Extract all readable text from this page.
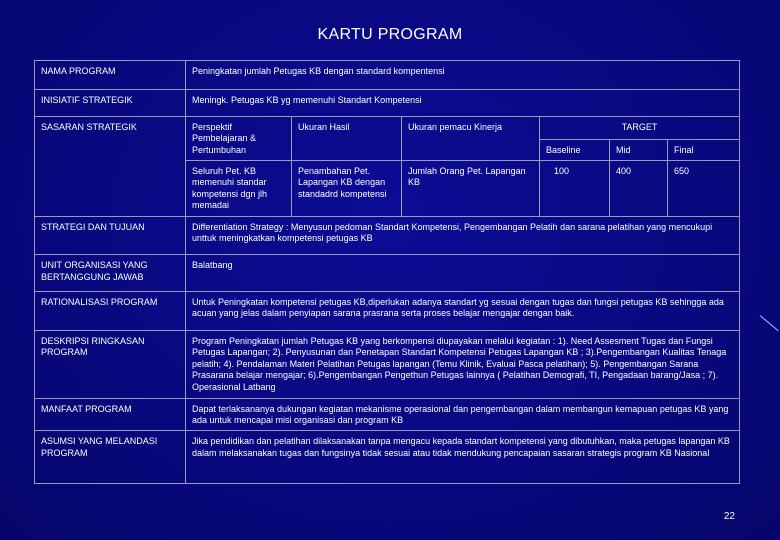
KARTU PROGRAM
NAMA PROGRAM	Peningkatan jumlah Petugas KB dengan standard kompentensi					
INISIATIF STRATEGIK	Meningk. Petugas KB yg memenuhi Standart Kompetensi					
SASARAN STRATEGIK	Perspektif Pembelajaran & Pertumbuhan	Ukuran Hasil	Ukuran pemacu Kinerja	TARGET		
				Baseline	Mid	Final
	Seluruh Pet. KB memenuhi standar kompetensi dgn jlh memadai	Penambahan Pet. Lapangan KB dengan standadrd kompetensi	Jumlah Orang Pet. Lapangan KB	100	400	650
STRATEGI DAN TUJUAN	Differentiation Strategy : Menyusun pedoman Standart Kompetensi, Pengembangan Pelatih dan sarana pelatihan yang mencukupi unttuk meningkatkan kompetensi petugas KB					
UNIT ORGANISASI YANG BERTANGGUNG JAWAB	Balatbang					
RATIONALISASI PROGRAM	Untuk Peningkatan kompetensi petugas KB,diperlukan adanya standart yg sesuai dengan tugas dan fungsi petugas KB sehingga ada acuan yang jelas dalam penyiapan sarana prasrana serta proses belajar mengajar dengan baik.					
DESKRIPSI RINGKASAN PROGRAM	Program Peningkatan jumlah Petugas KB yang berkompensi diupayakan melalui kegiatan : 1). Need Assesment Tugas dan Fungsi Petugas Lapangan; 2). Penyusunan dan Penetapan Standart Kompetensi Petugas Lapangan KB ; 3).Pengembangan Kualitas Tenaga pelatih; 4). Pendalaman Materi Pelatihan Petugas lapangan (Temu Klinik, Evaluai Pasca pelatihan); 5). Pengembangan Sarana Prasarana belajar mengajar; 6).Pengembangan Pengethun Petugas lainnya ( Pelatihan Demografi, TI, Pengadaan barang/Jasa ; 7). Operasional Latbang					
MANFAAT PROGRAM	Dapat terlaksananya dukungan kegiatan mekanisme operasional dan pengembangan dalam membangun kemapuan petugas KB yang ada untuk mencapai misi organisasi dan program KB					
ASUMSI YANG MELANDASI PROGRAM	Jika pendidikan dan pelatihan dilaksanakan tanpa mengacu kepada standart kompetensi yang dibutuhkan, maka petugas lapangan KB dalam melaksanakan tugas dan fungsinya tidak sesuai atau tidak mendukung pencapaian sasaran strategis program KB Nasional					
22
